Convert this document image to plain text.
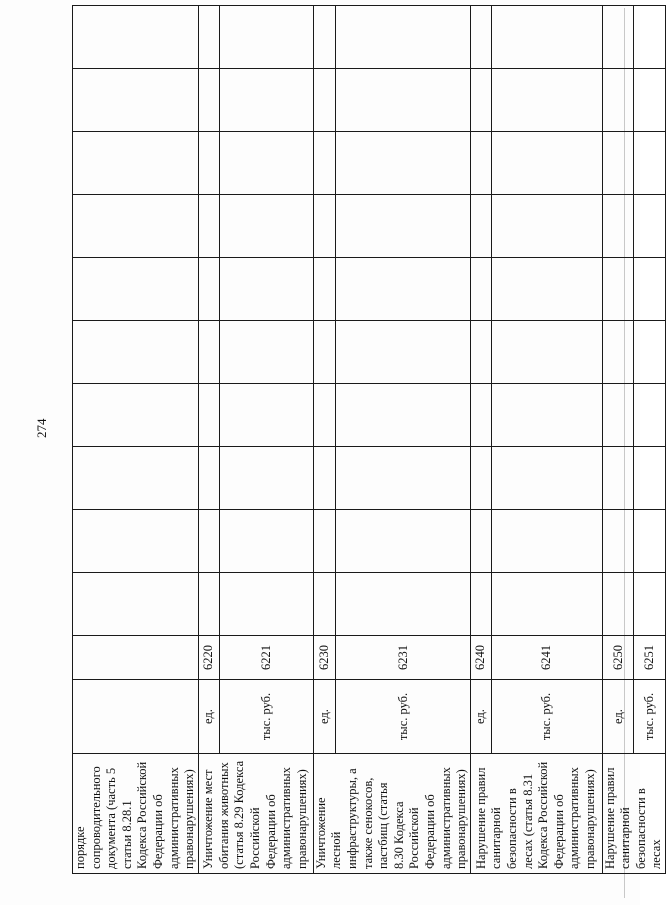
274
порядке сопроводительного документа (часть 5 статьи 8.28.1 Кодекса Российской Федерации об административных правонарушениях)												
Уничтожение мест обитания животных (статья 8.29 Кодекса Российской Федерации об административных правонарушениях)	ед.	6220										
	тыс. руб.	6221										
Уничтожение лесной инфраструктуры, а также сенокосов, пастбищ (статья 8.30 Кодекса Российской Федерации об административных правонарушениях)	ед.	6230										
	тыс. руб.	6231										
Нарушение правил санитарной безопасности в лесах (статья 8.31 Кодекса Российской Федерации об административных правонарушениях)	ед.	6240										
	тыс. руб.	6241										
Нарушение правил санитарной безопасности в лесах	ед.	6250										
	тыс. руб.	6251										
